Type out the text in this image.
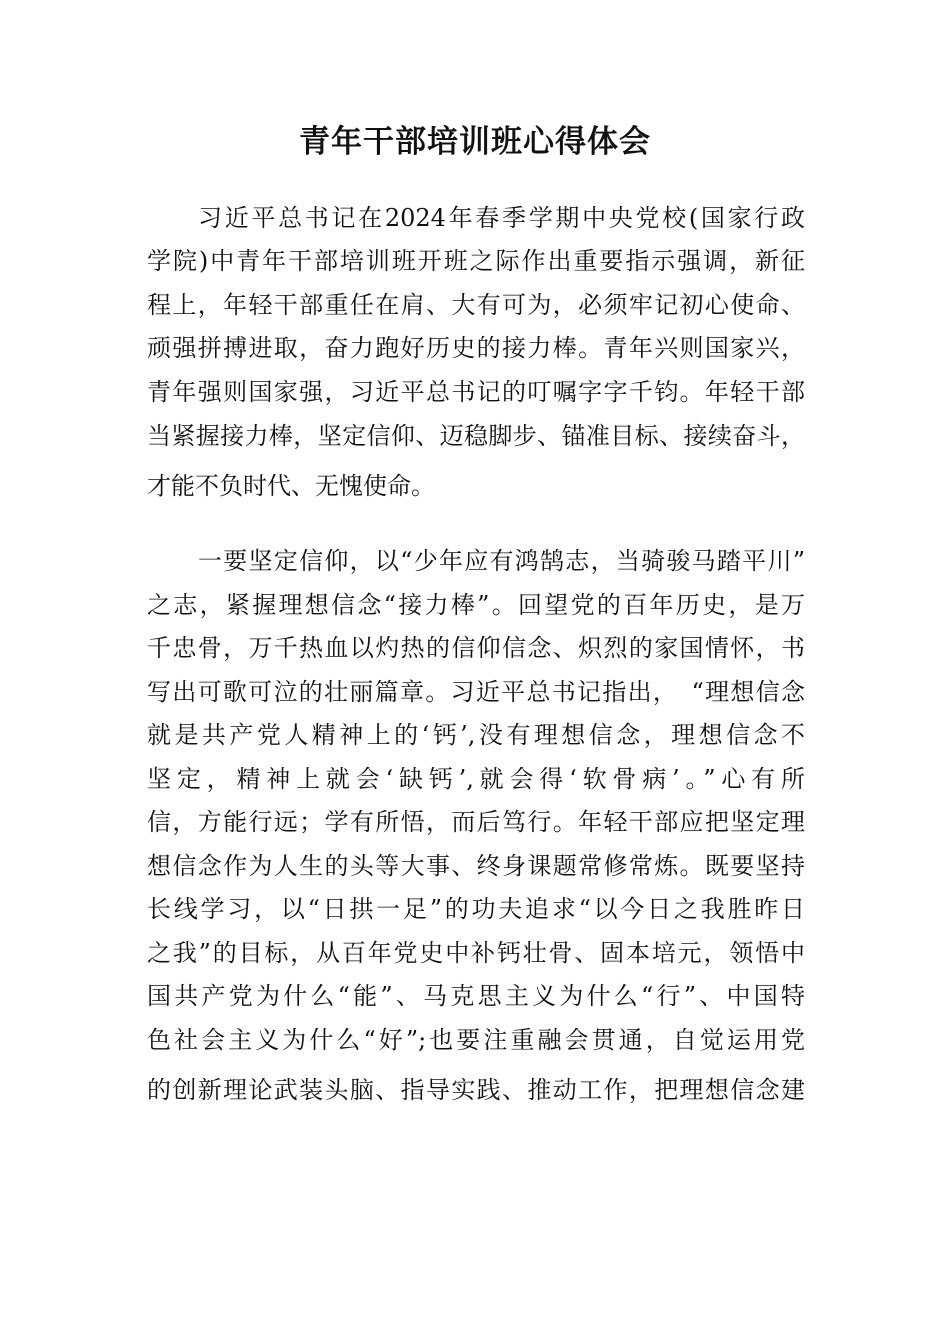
青年干部培训班心得体会

习近平总书记在2024年春季学期中央党校(国家行政

学院)中青年干部培训班开班之际作出重要指示强调，新征

程上，年轻干部重任在肩、大有可为，必须牢记初心使命、

顽强拼搏进取，奋力跑好历史的接力棒。青年兴则国家兴，

青年强则国家强，习近平总书记的叮嘱字字千钧。年轻干部

当紧握接力棒，坚定信仰、迈稳脚步、锚准目标、接续奋斗，

才能不负时代、无愧使命。

一要坚定信仰，以“少年应有鸿鹄志，当骑骏马踏平川”

之志，紧握理想信念“接力棒”。回望党的百年历史，是万

千忠骨，万千热血以灼热的信仰信念、炽烈的家国情怀，书

写出可歌可泣的壮丽篇章。习近平总书记指出，　“理想信念

就是共产党人精神上的‘钙’,没有理想信念，理想信念不

坚定，精神上就会‘缺钙’,就会得‘软骨病’。”心有所

信，方能行远；学有所悟，而后笃行。年轻干部应把坚定理

想信念作为人生的头等大事、终身课题常修常炼。既要坚持

长线学习，以“日拱一足”的功夫追求“以今日之我胜昨日

之我”的目标，从百年党史中补钙壮骨、固本培元，领悟中

国共产党为什么“能”、马克思主义为什么“行”、中国特

色社会主义为什么“好”;也要注重融会贯通，自觉运用党

的创新理论武装头脑、指导实践、推动工作，把理想信念建
